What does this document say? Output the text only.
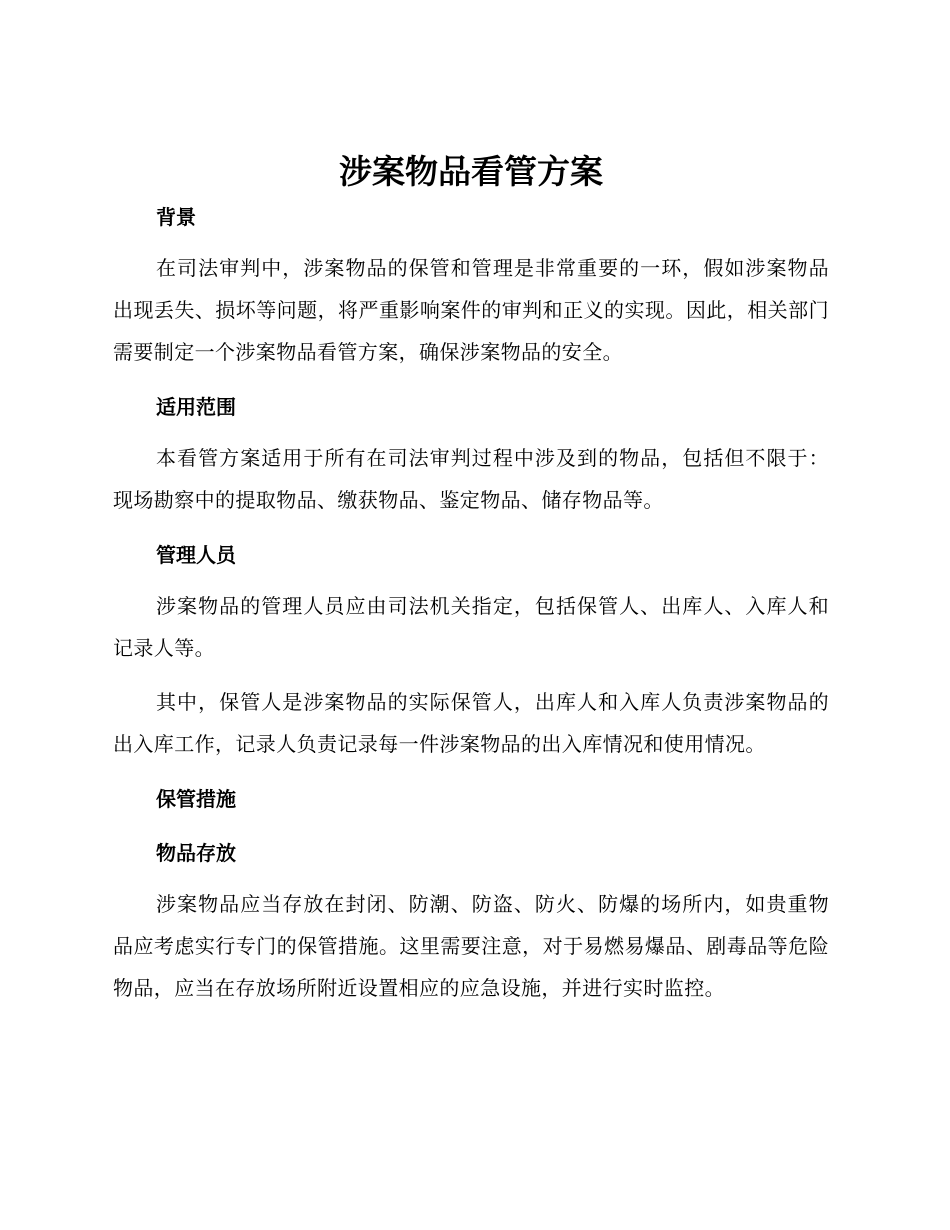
涉案物品看管方案
背景

在司法审判中，涉案物品的保管和管理是非常重要的一环，假如涉案物品出现丢失、损坏等问题，将严重影响案件的审判和正义的实现。因此，相关部门需要制定一个涉案物品看管方案，确保涉案物品的安全。

适用范围

本看管方案适用于所有在司法审判过程中涉及到的物品，包括但不限于：现场勘察中的提取物品、缴获物品、鉴定物品、储存物品等。

管理人员

涉案物品的管理人员应由司法机关指定，包括保管人、出库人、入库人和记录人等。

其中，保管人是涉案物品的实际保管人，出库人和入库人负责涉案物品的出入库工作，记录人负责记录每一件涉案物品的出入库情况和使用情况。

保管措施
物品存放

涉案物品应当存放在封闭、防潮、防盗、防火、防爆的场所内，如贵重物品应考虑实行专门的保管措施。这里需要注意，对于易燃易爆品、剧毒品等危险物品，应当在存放场所附近设置相应的应急设施，并进行实时监控。
